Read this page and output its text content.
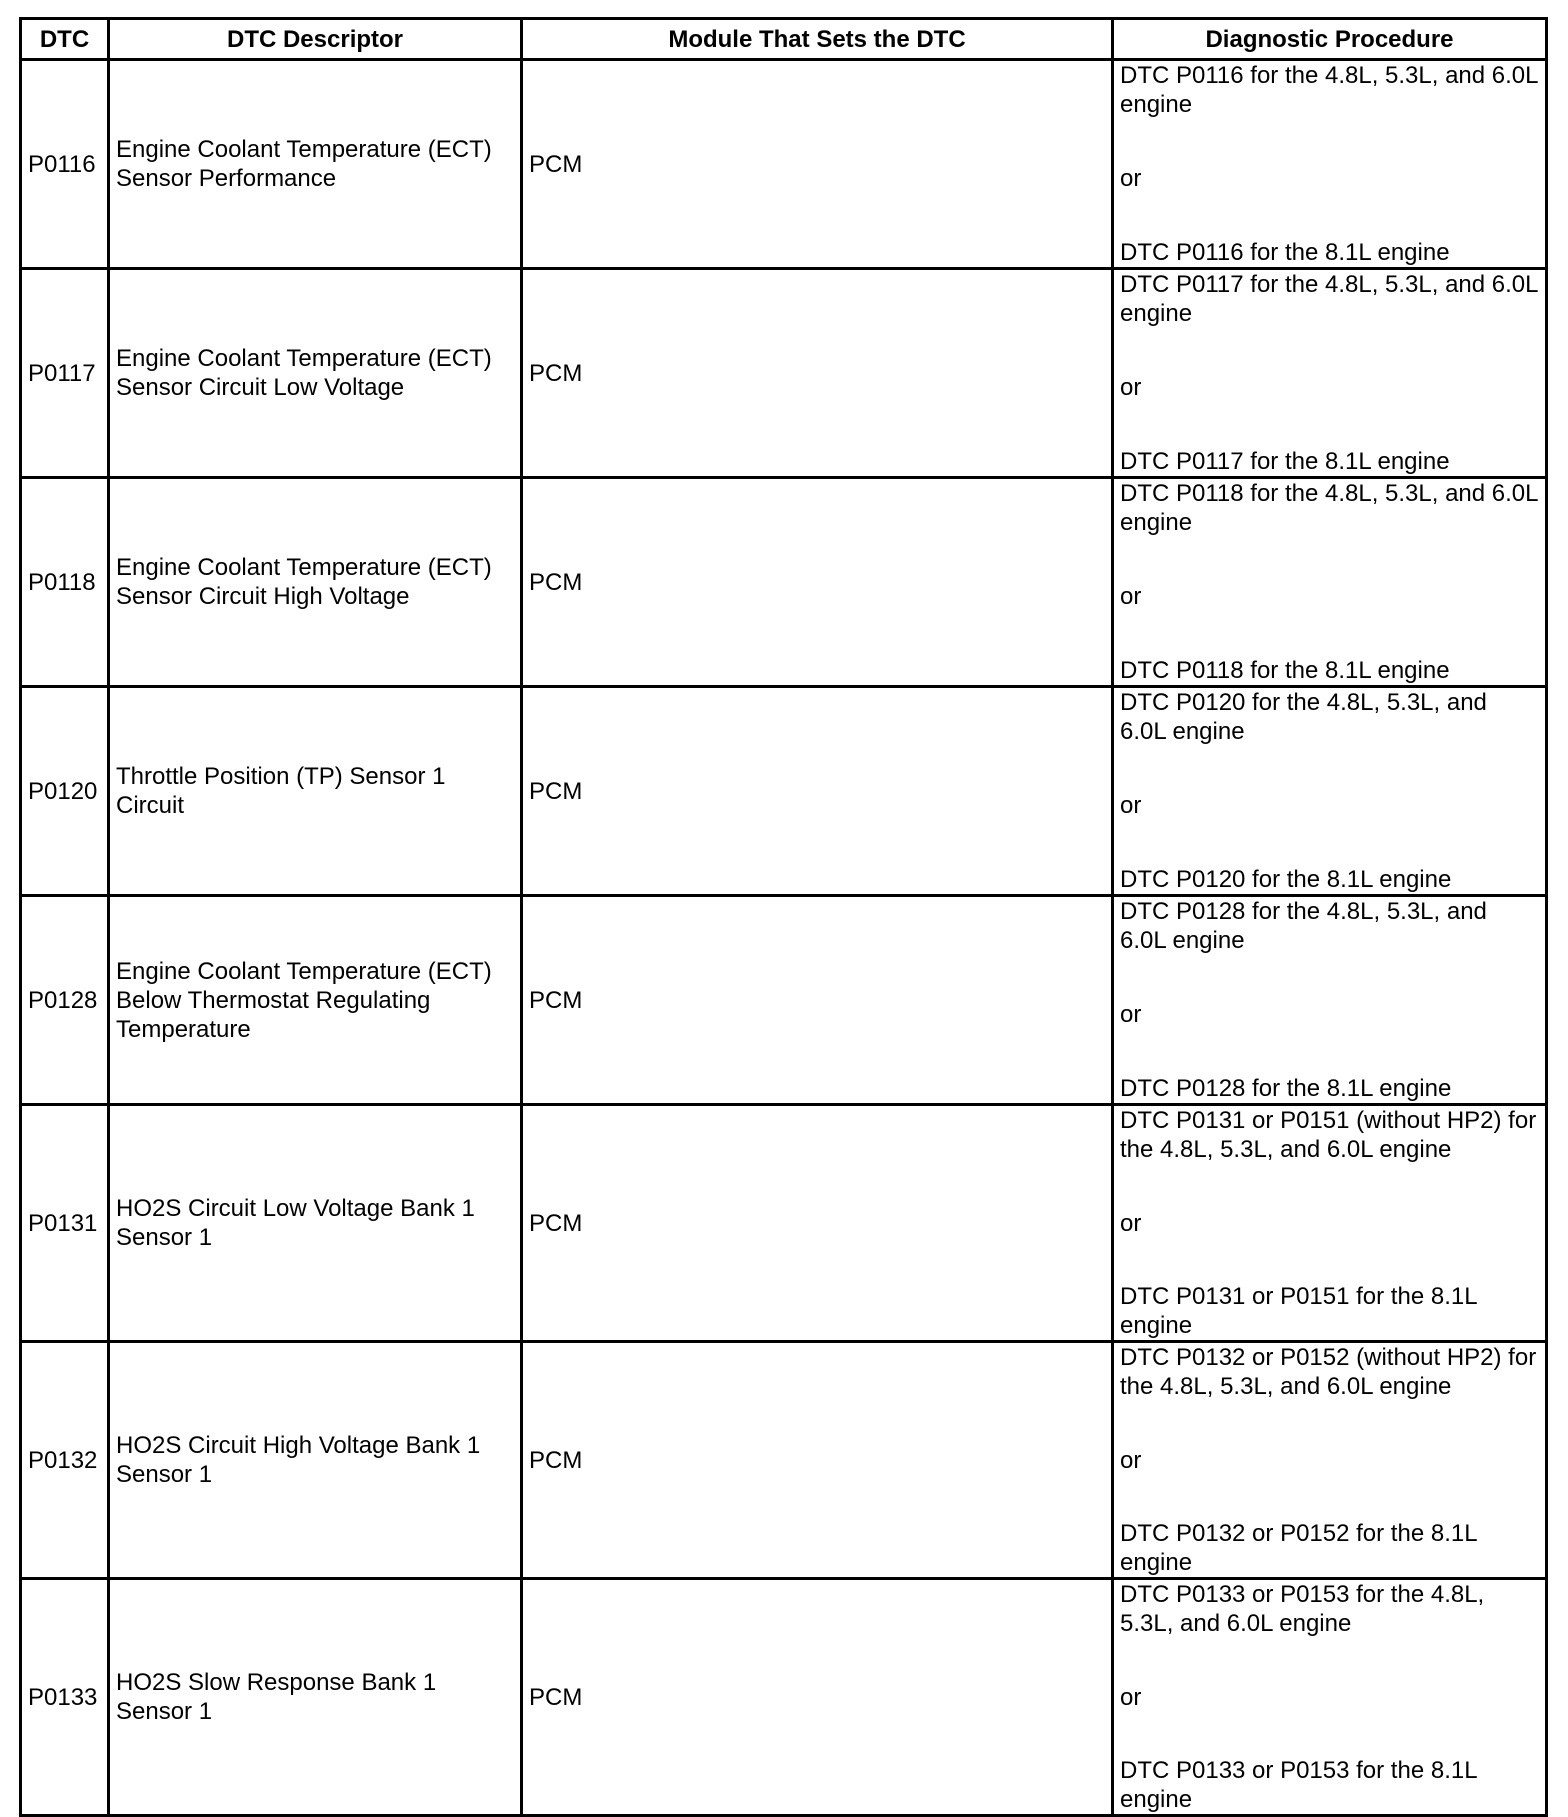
DTC	DTC Descriptor	Module That Sets the DTC	Diagnostic Procedure
P0116	Engine Coolant Temperature (ECT) Sensor Performance	PCM	DTC P0116 for the 4.8L, 5.3L, and 6.0L engine
or
DTC P0116 for the 8.1L engine

P0117	Engine Coolant Temperature (ECT) Sensor Circuit Low Voltage	PCM	DTC P0117 for the 4.8L, 5.3L, and 6.0L engine
or
DTC P0117 for the 8.1L engine

P0118	Engine Coolant Temperature (ECT) Sensor Circuit High Voltage	PCM	DTC P0118 for the 4.8L, 5.3L, and 6.0L engine
or
DTC P0118 for the 8.1L engine

P0120	Throttle Position (TP) Sensor 1 Circuit	PCM	DTC P0120 for the 4.8L, 5.3L, and 6.0L engine
or
DTC P0120 for the 8.1L engine

P0128	Engine Coolant Temperature (ECT) Below Thermostat Regulating Temperature	PCM	DTC P0128 for the 4.8L, 5.3L, and 6.0L engine
or
DTC P0128 for the 8.1L engine

P0131	HO2S Circuit Low Voltage Bank 1 Sensor 1	PCM	DTC P0131 or P0151 (without HP2) for the 4.8L, 5.3L, and 6.0L engine
or
DTC P0131 or P0151 for the 8.1L engine

P0132	HO2S Circuit High Voltage Bank 1 Sensor 1	PCM	DTC P0132 or P0152 (without HP2) for the 4.8L, 5.3L, and 6.0L engine
or
DTC P0132 or P0152 for the 8.1L engine

P0133	HO2S Slow Response Bank 1 Sensor 1	PCM	DTC P0133 or P0153 for the 4.8L, 5.3L, and 6.0L engine
or
DTC P0133 or P0153 for the 8.1L engine
